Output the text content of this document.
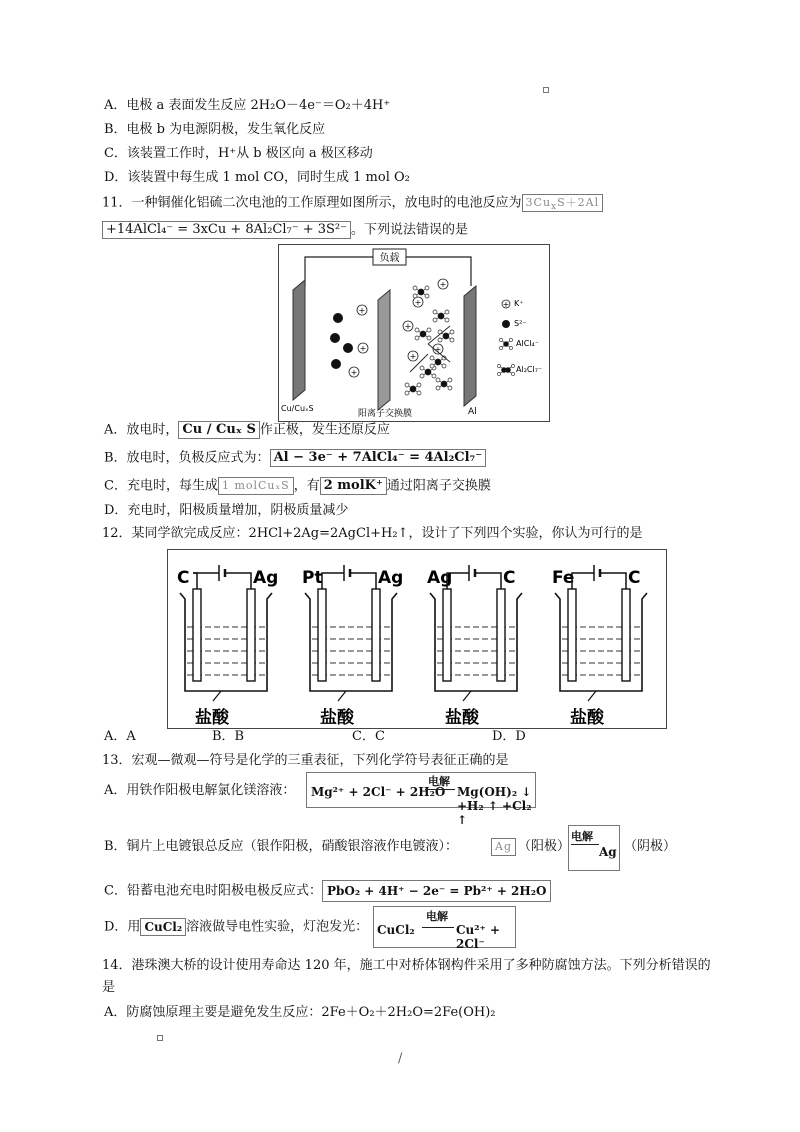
A．电极 a 表面发生反应 2H₂O－4e⁻＝O₂＋4H⁺
B．电极 b 为电源阴极，发生氧化反应
C．该装置工作时，H⁺从 b 极区向 a 极区移动
D．该装置中每生成 1 mol CO，同时生成 1 mol O₂
11．一种铜催化铝硫二次电池的工作原理如图所示，放电时的电池反应为 $3Cu_xS+2Al$
+14AlCl₄⁻ = 3xCu + 8Al₂Cl₇⁻ + 3S²⁻ 。下列说法错误的是
负载
+
+
+
+
+
+
+
+
+ K⁺
S²⁻
AlCl₄⁻
Al₂Cl₇⁻
Cu/CuₓS
阳离子交换膜	Al
A．放电时， Cu / Cuₓ S 作正极，发生还原反应
B．放电时，负极反应式为： Al − 3e⁻ + 7AlCl₄⁻ = 4Al₂Cl₇⁻
C．充电时，每生成 1 molCuₓS ，有 2 molK⁺ 通过阳离子交换膜
D．充电时，阳极质量增加，阴极质量减少
12．某同学欲完成反应：2HCl+2Ag=2AgCl+H₂↑，设计了下列四个实验，你认为可行的是
C	Ag
盐酸
Pt	Ag
盐酸
Ag	C
盐酸
Fe	C
盐酸
A．A	B．B	C．C	D．D
13．宏观—微观—符号是化学的三重表征，下列化学符号表征正确的是
A．用铁作阳极电解氯化镁溶液： Mg²⁺ + 2Cl⁻ + 2H₂O
电解
Mg(OH)₂ ↓ +H₂ ↑ +Cl₂ ↑
B．铜片上电镀银总反应（银作阳极，硝酸银溶液作电镀液）：	Ag （阳极）
电解
Ag （阴极）
C．铅蓄电池充电时阳极电极反应式： PbO₂ + 4H⁺ − 2e⁻ = Pb²⁺ + 2H₂O
D．用 CuCl₂ 溶液做导电性实验，灯泡发光： CuCl₂
电解
Cu²⁺ + 2Cl⁻
14．港珠澳大桥的设计使用寿命达 120 年，施工中对桥体钢构件采用了多种防腐蚀方法。下列分析错误的
是
A．防腐蚀原理主要是避免发生反应：2Fe＋O₂＋2H₂O=2Fe(OH)₂
/
